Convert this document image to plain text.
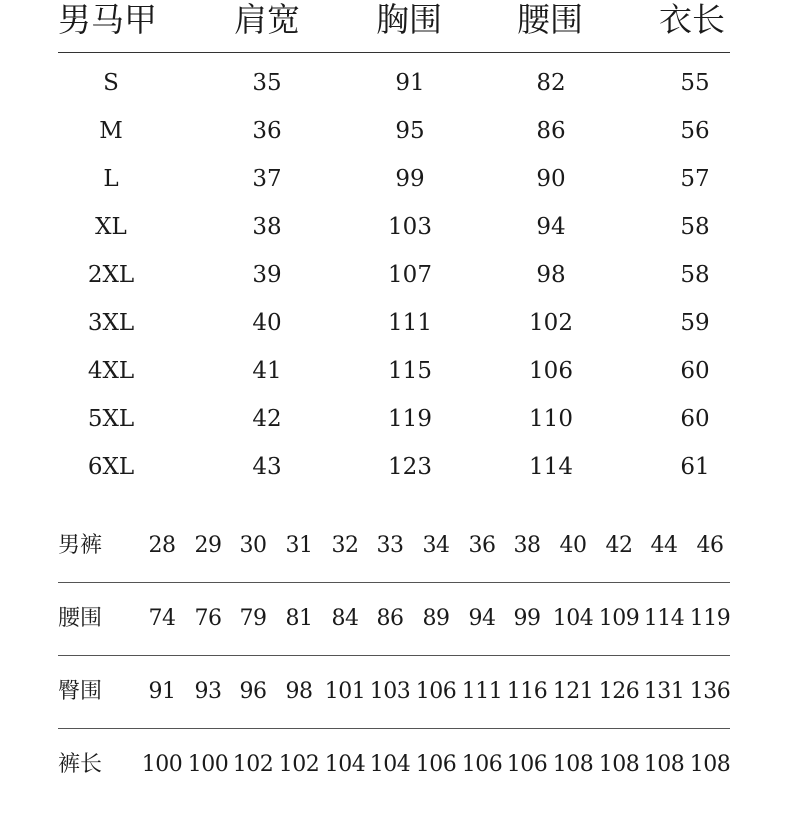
男马甲 肩宽 胸围 腰围 衣长
S	35	91	82	55
M	36	95	86	56
L	37	99	90	57
XL	38	103	94	58
2XL	39	107	98	58
3XL	40	111	102	59
4XL	41	115	106	60
5XL	42	119	110	60
6XL	43	123	114	61
男裤	28 29 30 31 32 33 34 36 38 40 42 44 46
腰围	74 76 79 81 84 86 89 94 99 104 109 114 119
臀围	91 93 96 98 101 103 106 111 116 121 126 131 136
裤长 100 100 102 102 104 104 106 106 106 108 108 108 108
